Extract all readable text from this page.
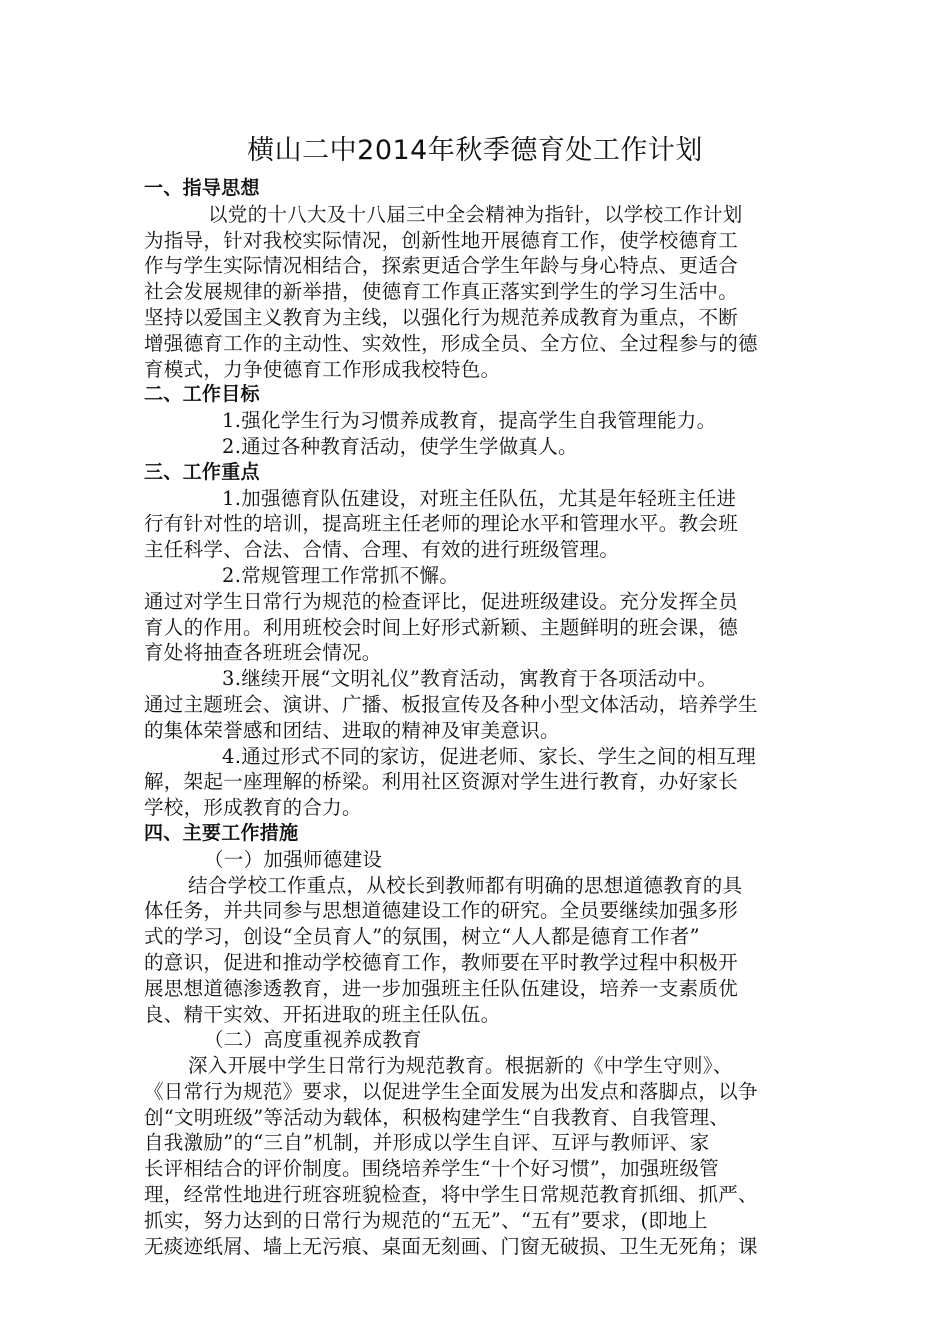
横山二中2014年秋季德育处工作计划
一、指导思想
以党的十八大及十八届三中全会精神为指针，以学校工作计划
为指导，针对我校实际情况，创新性地开展德育工作，使学校德育工
作与学生实际情况相结合，探索更适合学生年龄与身心特点、更适合
社会发展规律的新举措，使德育工作真正落实到学生的学习生活中。
坚持以爱国主义教育为主线，以强化行为规范养成教育为重点，不断
增强德育工作的主动性、实效性，形成全员、全方位、全过程参与的德
育模式，力争使德育工作形成我校特色。
二、工作目标
1.强化学生行为习惯养成教育，提高学生自我管理能力。
2.通过各种教育活动，使学生学做真人。
三、工作重点
1.加强德育队伍建设，对班主任队伍，尤其是年轻班主任进
行有针对性的培训，提高班主任老师的理论水平和管理水平。教会班
主任科学、合法、合情、合理、有效的进行班级管理。
2.常规管理工作常抓不懈。
通过对学生日常行为规范的检查评比，促进班级建设。充分发挥全员
育人的作用。利用班校会时间上好形式新颖、主题鲜明的班会课，德
育处将抽查各班班会情况。
3.继续开展“文明礼仪”教育活动，寓教育于各项活动中。
通过主题班会、演讲、广播、板报宣传及各种小型文体活动，培养学生
的集体荣誉感和团结、进取的精神及审美意识。
4.通过形式不同的家访，促进老师、家长、学生之间的相互理
解，架起一座理解的桥梁。利用社区资源对学生进行教育，办好家长
学校，形成教育的合力。
四、主要工作措施
（一）加强师德建设
结合学校工作重点，从校长到教师都有明确的思想道德教育的具
体任务，并共同参与思想道德建设工作的研究。全员要继续加强多形
式的学习，创设“全员育人”的氛围，树立“人人都是德育工作者”
的意识，促进和推动学校德育工作，教师要在平时教学过程中积极开
展思想道德渗透教育，进一步加强班主任队伍建设，培养一支素质优
良、精干实效、开拓进取的班主任队伍。
（二）高度重视养成教育
深入开展中学生日常行为规范教育。根据新的《中学生守则》、
《日常行为规范》要求，以促进学生全面发展为出发点和落脚点，以争
创“文明班级”等活动为载体，积极构建学生“自我教育、自我管理、
自我激励”的“三自”机制，并形成以学生自评、互评与教师评、家
长评相结合的评价制度。围绕培养学生“十个好习惯”，加强班级管
理，经常性地进行班容班貌检查，将中学生日常规范教育抓细、抓严、
抓实，努力达到的日常行为规范的“五无”、“五有”要求，(即地上
无痰迹纸屑、墙上无污痕、桌面无刻画、门窗无破损、卫生无死角；课
